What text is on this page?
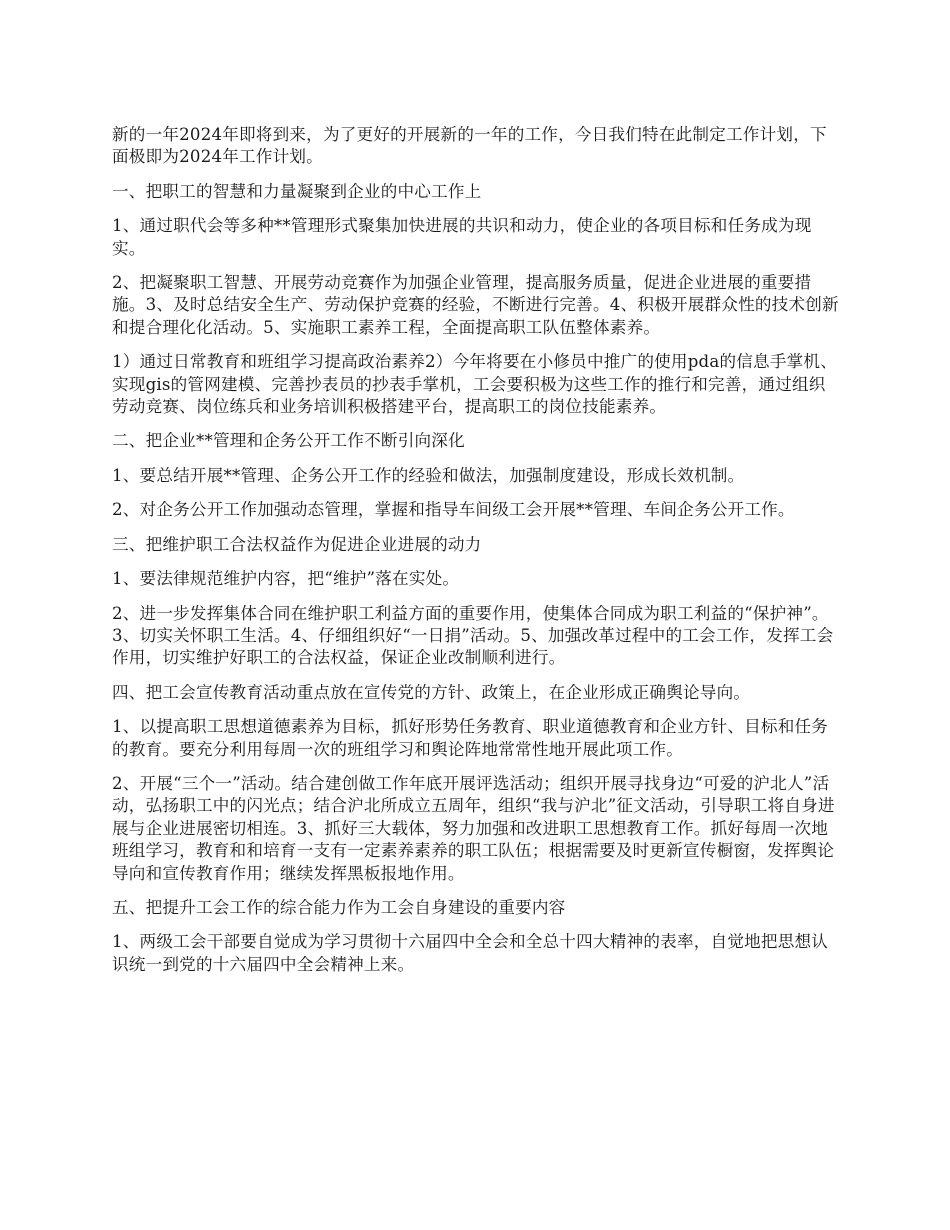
新的一年2024年即将到来，为了更好的开展新的一年的工作，今日我们特在此制定工作计划，下面极即为2024年工作计划。

一、把职工的智慧和力量凝聚到企业的中心工作上

1、通过职代会等多种**管理形式聚集加快进展的共识和动力，使企业的各项目标和任务成为现实。

2、把凝聚职工智慧、开展劳动竞赛作为加强企业管理，提高服务质量，促进企业进展的重要措施。3、及时总结安全生产、劳动保护竞赛的经验，不断进行完善。4、积极开展群众性的技术创新和提合理化化活动。5、实施职工素养工程，全面提高职工队伍整体素养。

1）通过日常教育和班组学习提高政治素养2）今年将要在小修员中推广的使用pda的信息手掌机、实现gis的管网建模、完善抄表员的抄表手掌机，工会要积极为这些工作的推行和完善，通过组织劳动竞赛、岗位练兵和业务培训积极搭建平台，提高职工的岗位技能素养。

二、把企业**管理和企务公开工作不断引向深化

1、要总结开展**管理、企务公开工作的经验和做法，加强制度建设，形成长效机制。

2、对企务公开工作加强动态管理，掌握和指导车间级工会开展**管理、车间企务公开工作。

三、把维护职工合法权益作为促进企业进展的动力

1、要法律规范维护内容，把“维护”落在实处。

2、进一步发挥集体合同在维护职工利益方面的重要作用，使集体合同成为职工利益的“保护神”。3、切实关怀职工生活。4、仔细组织好“一日捐”活动。5、加强改革过程中的工会工作，发挥工会作用，切实维护好职工的合法权益，保证企业改制顺利进行。

四、把工会宣传教育活动重点放在宣传党的方针、政策上，在企业形成正确舆论导向。

1、以提高职工思想道德素养为目标，抓好形势任务教育、职业道德教育和企业方针、目标和任务的教育。要充分利用每周一次的班组学习和舆论阵地常常性地开展此项工作。

2、开展“三个一”活动。结合建创做工作年底开展评选活动；组织开展寻找身边“可爱的沪北人”活动，弘扬职工中的闪光点；结合沪北所成立五周年，组织“我与沪北”征文活动，引导职工将自身进展与企业进展密切相连。3、抓好三大载体，努力加强和改进职工思想教育工作。抓好每周一次地班组学习，教育和和培育一支有一定素养素养的职工队伍；根据需要及时更新宣传橱窗，发挥舆论导向和宣传教育作用；继续发挥黑板报地作用。

五、把提升工会工作的综合能力作为工会自身建设的重要内容

1、两级工会干部要自觉成为学习贯彻十六届四中全会和全总十四大精神的表率，自觉地把思想认识统一到党的十六届四中全会精神上来。
